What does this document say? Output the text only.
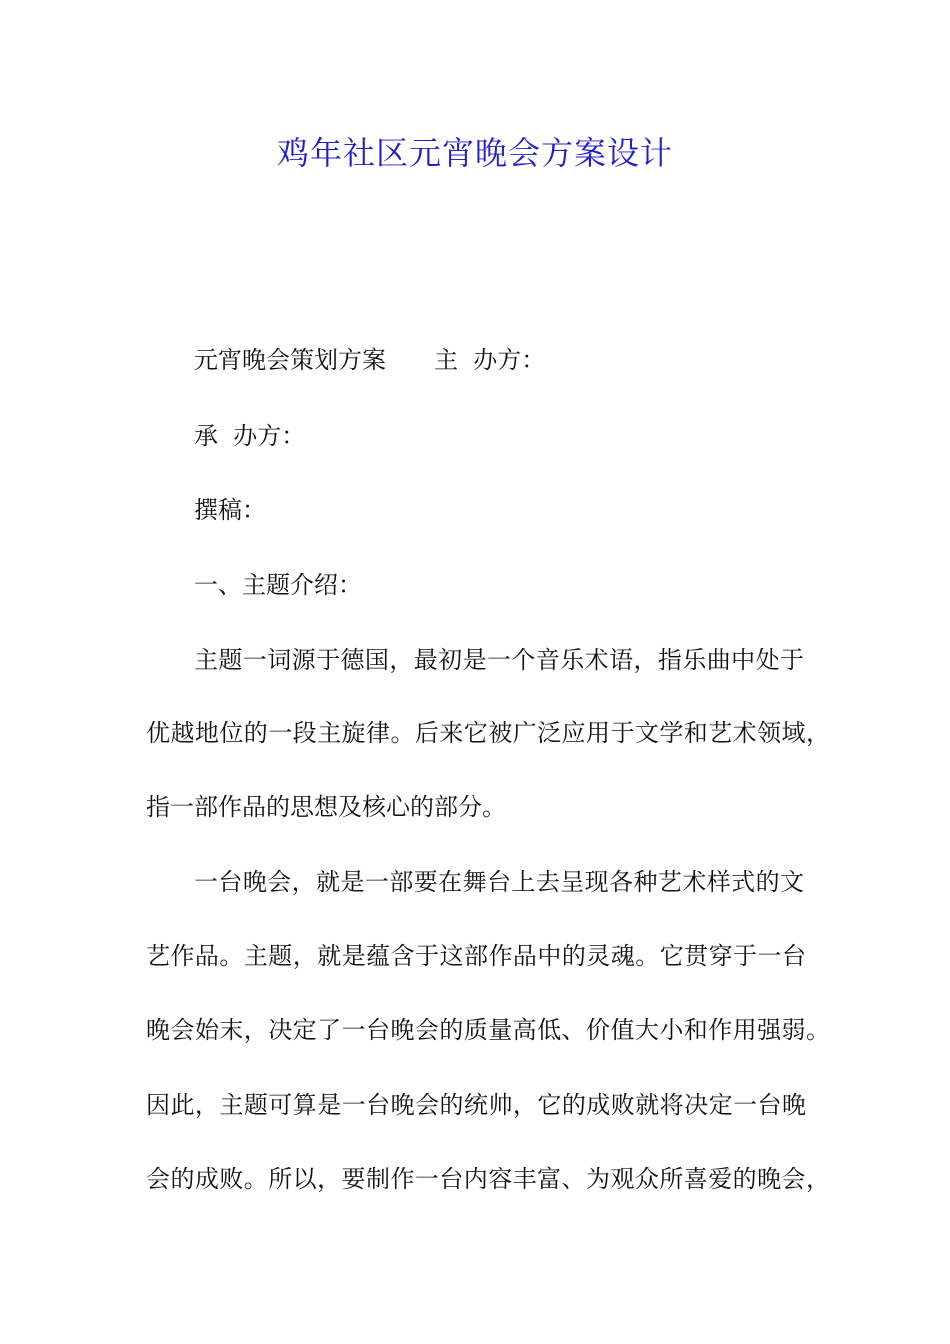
鸡年社区元宵晚会方案设计
元宵晚会策划方案 主  办方：
承  办方：
撰稿：
一、主题介绍：
主题一词源于德国，最初是一个音乐术语，指乐曲中处于
优越地位的一段主旋律。后来它被广泛应用于文学和艺术领域，
指一部作品的思想及核心的部分。
一台晚会，就是一部要在舞台上去呈现各种艺术样式的文
艺作品。主题，就是蕴含于这部作品中的灵魂。它贯穿于一台
晚会始末，决定了一台晚会的质量高低、价值大小和作用强弱。
因此，主题可算是一台晚会的统帅，它的成败就将决定一台晚
会的成败。所以，要制作一台内容丰富、为观众所喜爱的晚会，
